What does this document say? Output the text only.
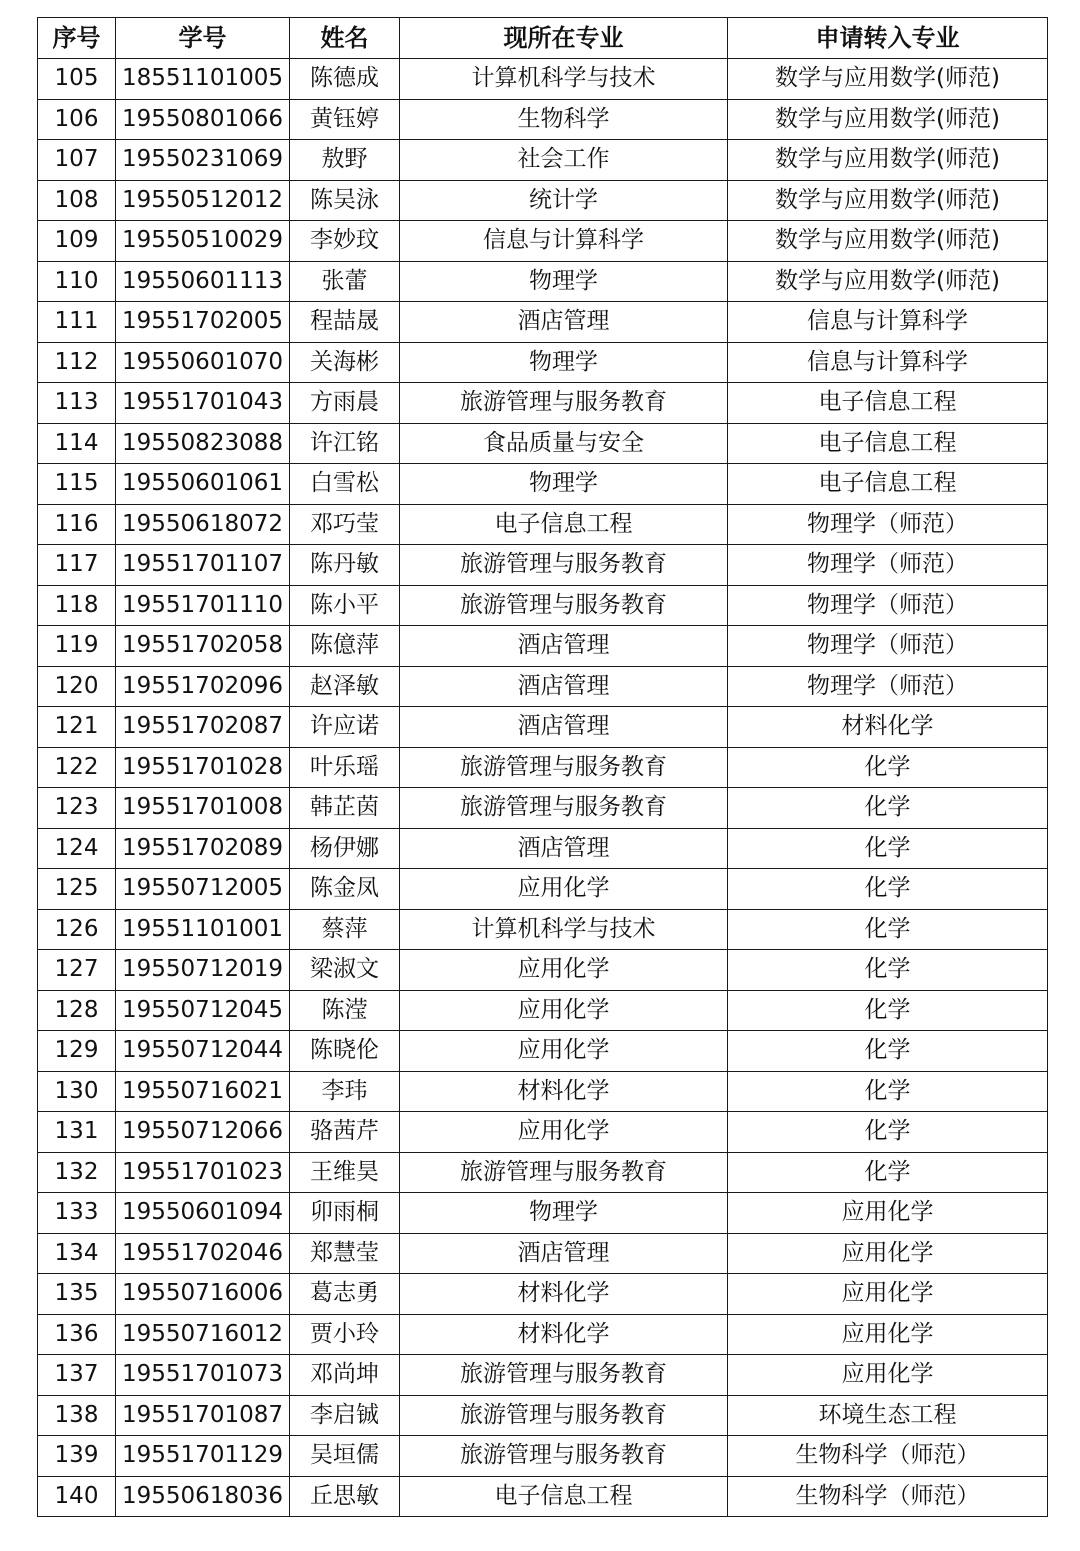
序号	学号	姓名	现所在专业	申请转入专业
105	18551101005	陈德成	计算机科学与技术	数学与应用数学(师范)
106	19550801066	黄钰婷	生物科学	数学与应用数学(师范)
107	19550231069	敖野	社会工作	数学与应用数学(师范)
108	19550512012	陈吴泳	统计学	数学与应用数学(师范)
109	19550510029	李妙玟	信息与计算科学	数学与应用数学(师范)
110	19550601113	张蕾	物理学	数学与应用数学(师范)
111	19551702005	程喆晟	酒店管理	信息与计算科学
112	19550601070	关海彬	物理学	信息与计算科学
113	19551701043	方雨晨	旅游管理与服务教育	电子信息工程
114	19550823088	许江铭	食品质量与安全	电子信息工程
115	19550601061	白雪松	物理学	电子信息工程
116	19550618072	邓巧莹	电子信息工程	物理学（师范）
117	19551701107	陈丹敏	旅游管理与服务教育	物理学（师范）
118	19551701110	陈小平	旅游管理与服务教育	物理学（师范）
119	19551702058	陈億萍	酒店管理	物理学（师范）
120	19551702096	赵泽敏	酒店管理	物理学（师范）
121	19551702087	许应诺	酒店管理	材料化学
122	19551701028	叶乐瑶	旅游管理与服务教育	化学
123	19551701008	韩芷茵	旅游管理与服务教育	化学
124	19551702089	杨伊娜	酒店管理	化学
125	19550712005	陈金凤	应用化学	化学
126	19551101001	蔡萍	计算机科学与技术	化学
127	19550712019	梁淑文	应用化学	化学
128	19550712045	陈滢	应用化学	化学
129	19550712044	陈晓伦	应用化学	化学
130	19550716021	李玮	材料化学	化学
131	19550712066	骆茜芹	应用化学	化学
132	19551701023	王维昊	旅游管理与服务教育	化学
133	19550601094	卯雨桐	物理学	应用化学
134	19551702046	郑慧莹	酒店管理	应用化学
135	19550716006	葛志勇	材料化学	应用化学
136	19550716012	贾小玲	材料化学	应用化学
137	19551701073	邓尚坤	旅游管理与服务教育	应用化学
138	19551701087	李启铖	旅游管理与服务教育	环境生态工程
139	19551701129	吴垣儒	旅游管理与服务教育	生物科学（师范）
140	19550618036	丘思敏	电子信息工程	生物科学（师范）
